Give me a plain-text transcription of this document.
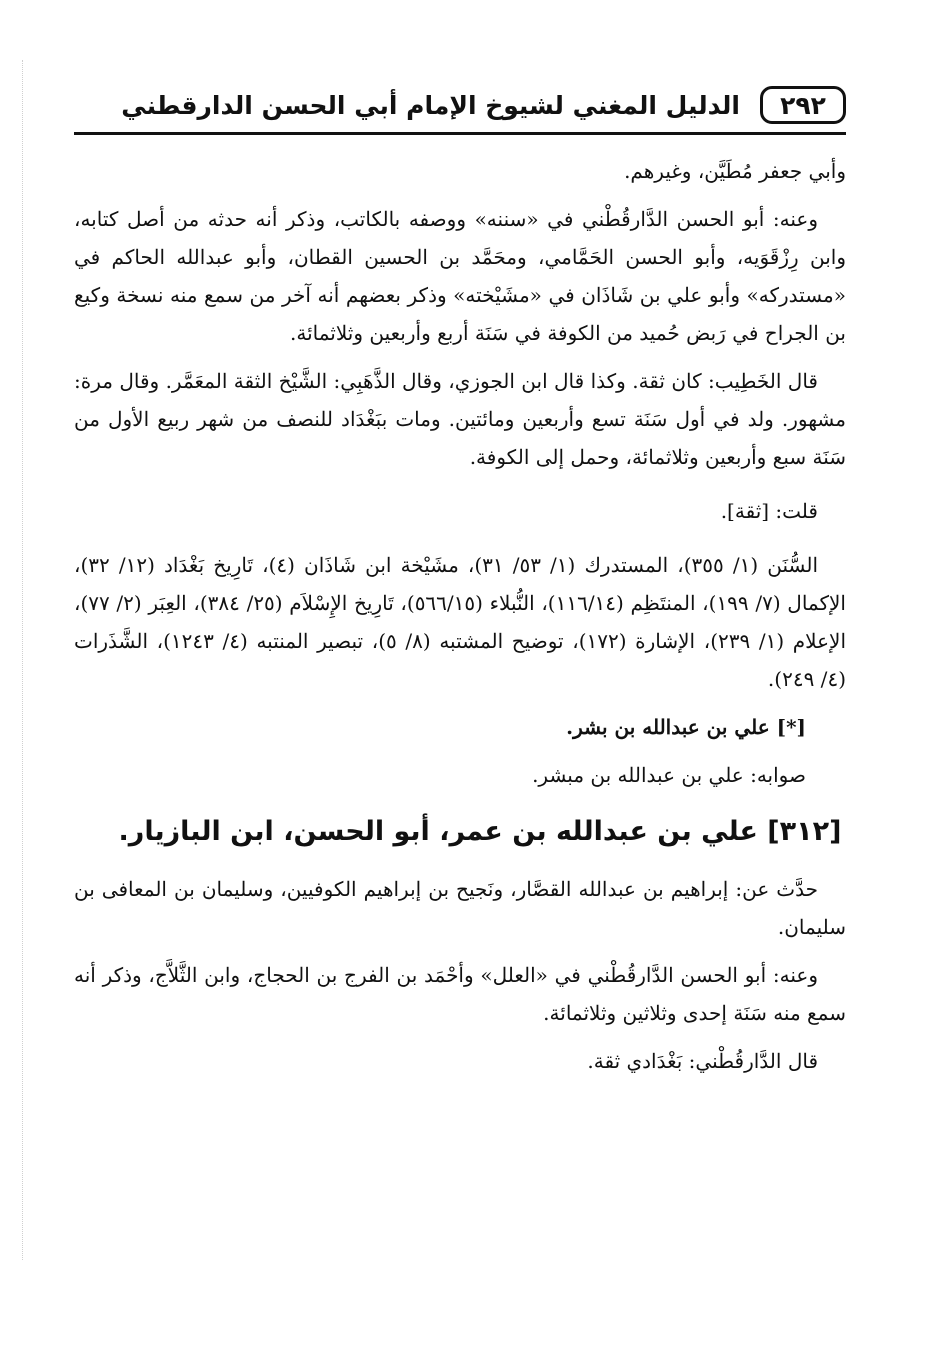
٢٩٢
الدليل المغني لشيوخ الإمام أبي الحسن الدارقطني

وأبي جعفر مُطَيَّن، وغيرهم.

وعنه: أبو الحسن الدَّارقُطْني في «سننه» ووصفه بالكاتب، وذكر أنه حدثه من أصل كتابه، وابن رِزْقَوَيه، وأبو الحسن الحَمَّامي، ومحَمَّد بن الحسين القطان، وأبو عبدالله الحاكم في «مستدركه» وأبو علي بن شَاذَان في «مشَيْخته» وذكر بعضهم أنه آخر من سمع منه نسخة وكيع بن الجراح في رَبض حُميد من الكوفة في سَنَة أربع وأربعين وثلاثمائة.

قال الخَطِيب: كان ثقة. وكذا قال ابن الجوزي، وقال الذَّهَبِي: الشَّيْخ الثقة المعَمَّر. وقال مرة: مشهور. ولد في أول سَنَة تسع وأربعين ومائتين. ومات ببَغْدَاد للنصف من شهر ربيع الأول من سَنَة سبع وأربعين وثلاثمائة، وحمل إلى الكوفة.

قلت: [ثقة].

السُّنَن (١/ ٣٥٥)، المستدرك (١/ ٥٣/ ٣١)، مشَيْخة ابن شَاذَان (٤)، تَارِيخ بَغْدَاد (١٢/ ٣٢)، الإكمال (٧/ ١٩٩)، المنتَظِم (١١٦/١٤)، النُّبلاء (٥٦٦/١٥)، تَارِيخ الإِسْلاَم (٢٥/ ٣٨٤)، العِبَر (٢/ ٧٧)، الإعلام (١/ ٢٣٩)، الإشارة (١٧٢)، توضيح المشتبه (٨/ ٥)، تبصير المنتبه (٤/ ١٢٤٣)، الشَّذَرات (٤/ ٢٤٩).

[*] علي بن عبدالله بن بشر.

صوابه: علي بن عبدالله بن مبشر.

[٣١٢] علي بن عبدالله بن عمر، أبو الحسن، ابن البازيار.

حدَّث عن: إبراهيم بن عبدالله القصَّار، ونَجيح بن إبراهيم الكوفيين، وسليمان بن المعافى بن سليمان.

وعنه: أبو الحسن الدَّارقُطْني في «العلل» وأحْمَد بن الفرج بن الحجاج، وابن الثَّلاَّج، وذكر أنه سمع منه سَنَة إحدى وثلاثين وثلاثمائة.

قال الدَّارقُطْني: بَغْدَادي ثقة.
